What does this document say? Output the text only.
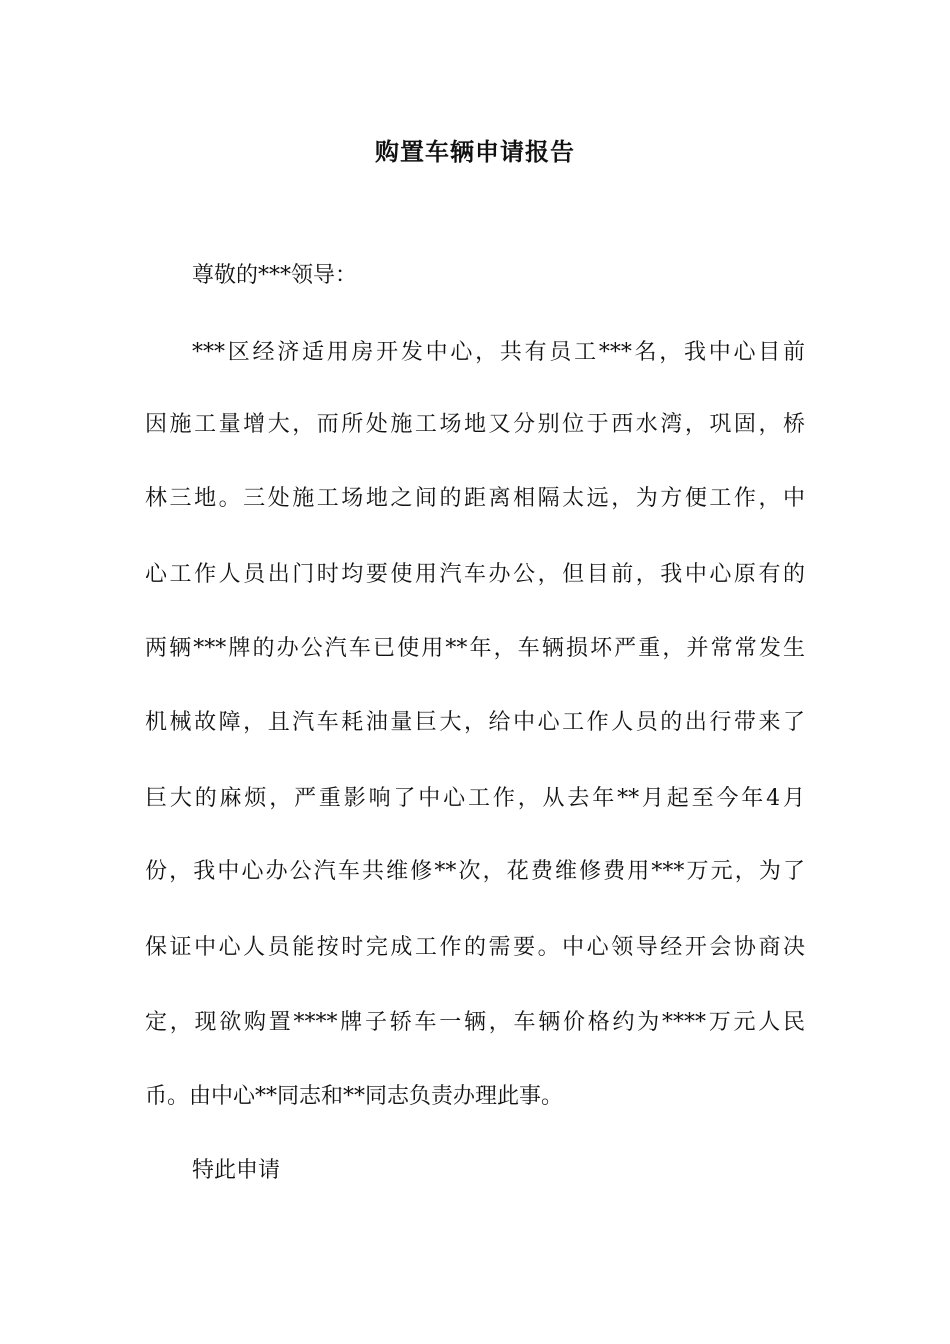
购置车辆申请报告
尊敬的***领导：
***区经济适用房开发中心，共有员工***名，我中心目前
因施工量增大，而所处施工场地又分别位于西水湾，巩固，桥
林三地。三处施工场地之间的距离相隔太远，为方便工作，中
心工作人员出门时均要使用汽车办公，但目前，我中心原有的
两辆***牌的办公汽车已使用**年，车辆损坏严重，并常常发生
机械故障，且汽车耗油量巨大，给中心工作人员的出行带来了
巨大的麻烦，严重影响了中心工作，从去年**月起至今年4月
份，我中心办公汽车共维修**次，花费维修费用***万元，为了
保证中心人员能按时完成工作的需要。中心领导经开会协商决
定，现欲购置****牌子轿车一辆，车辆价格约为****万元人民
币。由中心**同志和**同志负责办理此事。
特此申请
